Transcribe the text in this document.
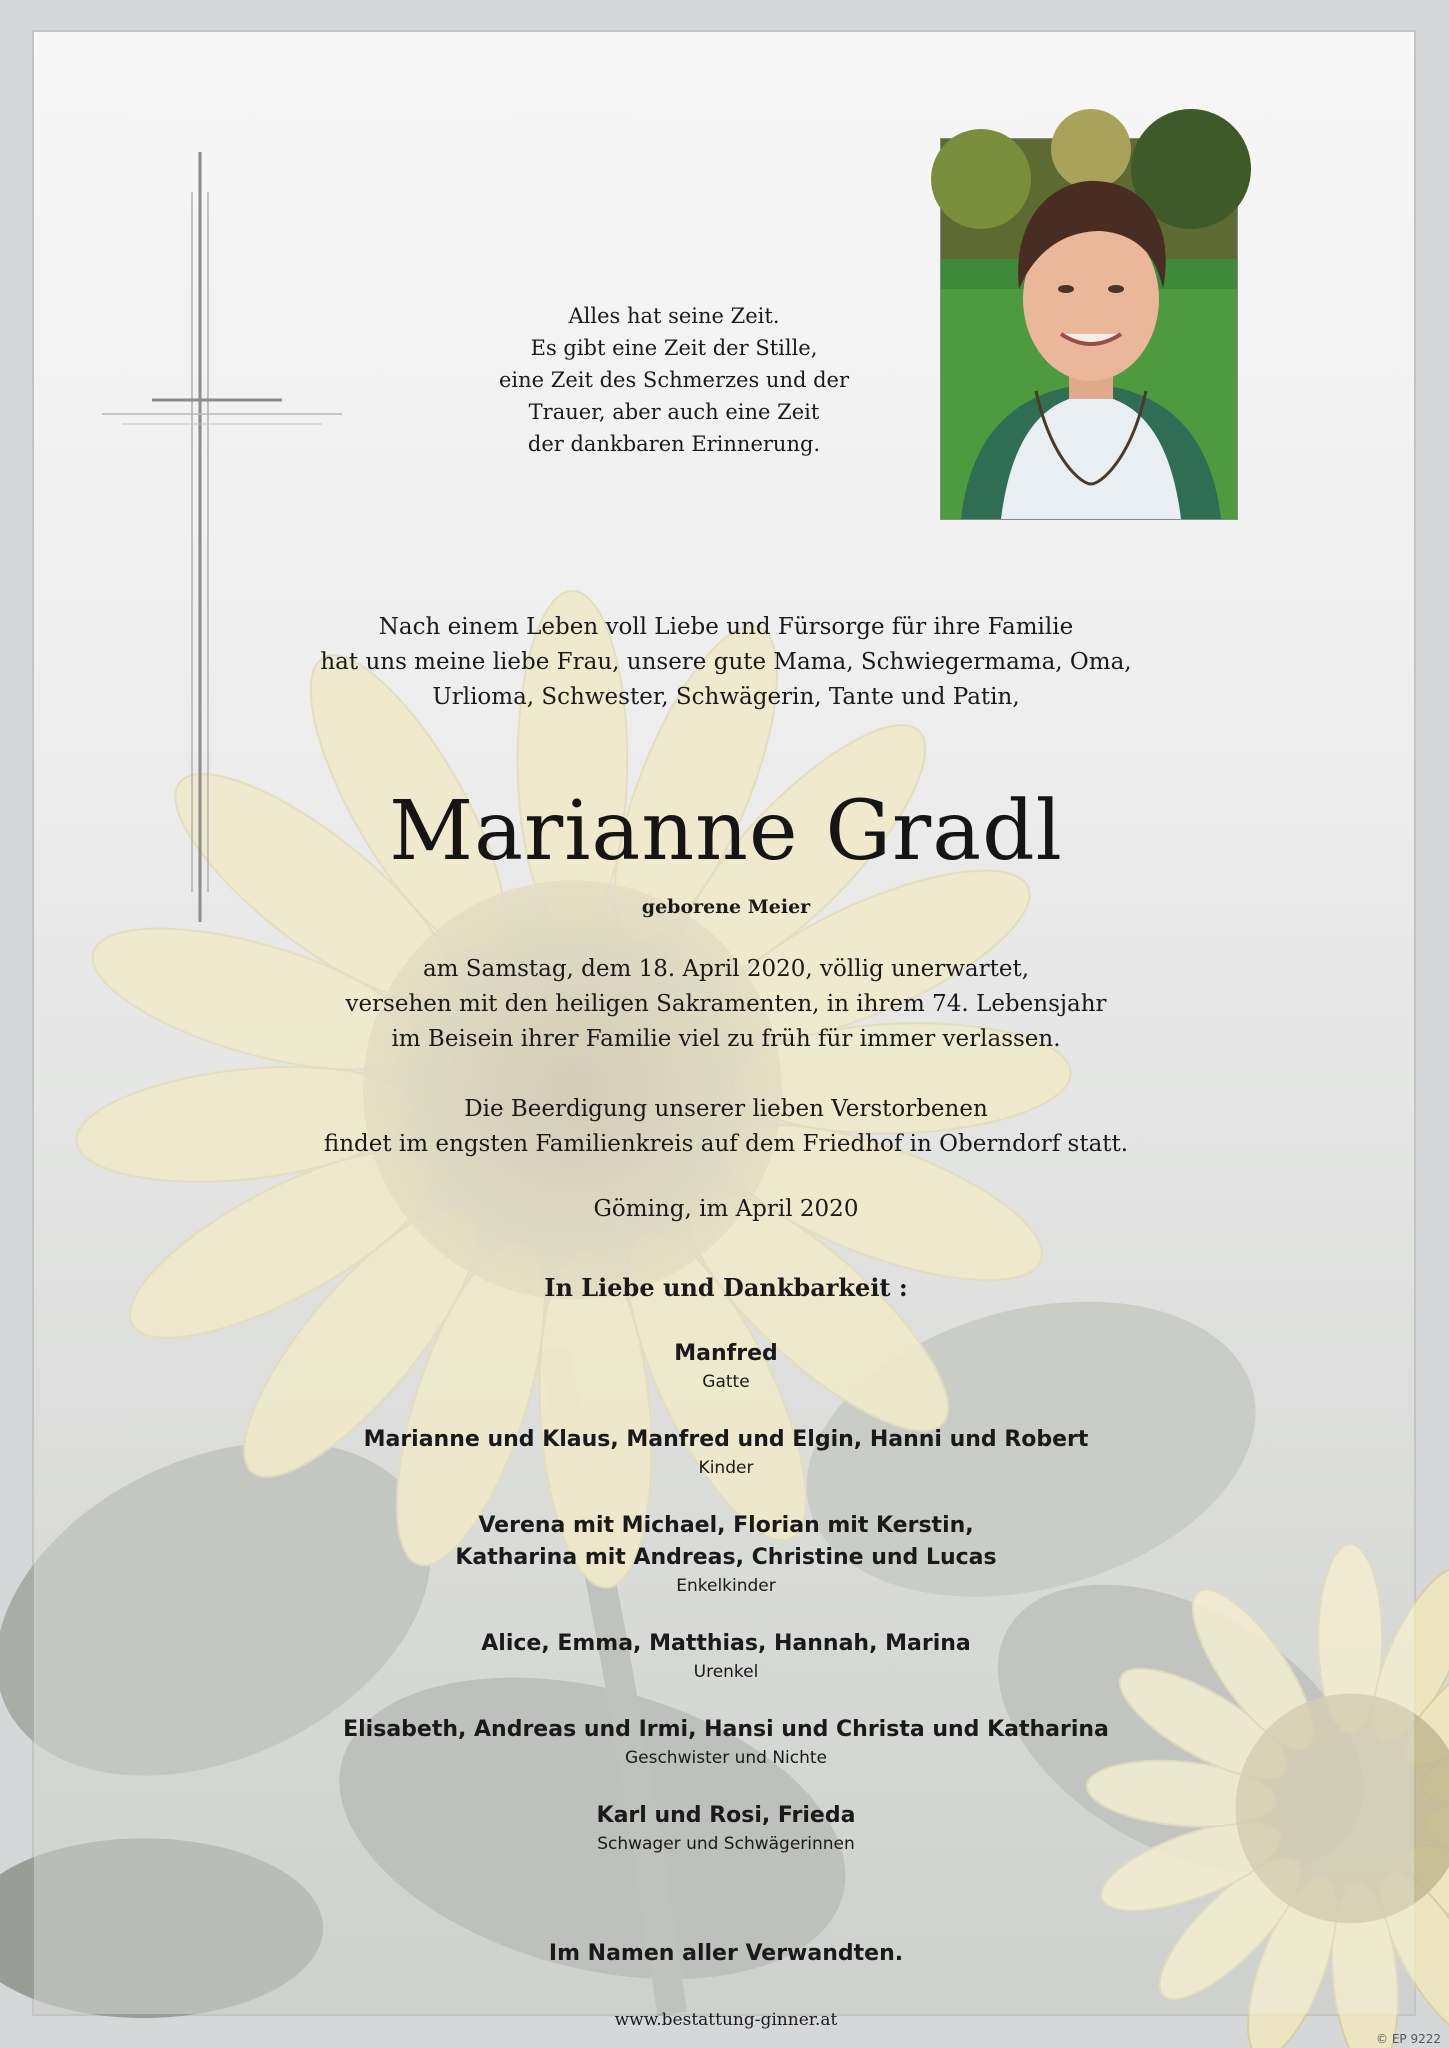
Alles hat seine Zeit.
Es gibt eine Zeit der Stille,
eine Zeit des Schmerzes und der
Trauer, aber auch eine Zeit
der dankbaren Erinnerung.
Nach einem Leben voll Liebe und Fürsorge für ihre Familie
hat uns meine liebe Frau, unsere gute Mama, Schwiegermama, Oma,
Urlioma, Schwester, Schwägerin, Tante und Patin,
Marianne Gradl
geborene Meier
am Samstag, dem 18. April 2020, völlig unerwartet,
versehen mit den heiligen Sakramenten, in ihrem 74. Lebensjahr
im Beisein ihrer Familie viel zu früh für immer verlassen.
Die Beerdigung unserer lieben Verstorbenen
findet im engsten Familienkreis auf dem Friedhof in Oberndorf statt.
Göming, im April 2020
In Liebe und Dankbarkeit :
Manfred
Gatte
Marianne und Klaus, Manfred und Elgin, Hanni und Robert
Kinder
Verena mit Michael, Florian mit Kerstin,
Katharina mit Andreas, Christine und Lucas
Enkelkinder
Alice, Emma, Matthias, Hannah, Marina
Urenkel
Elisabeth, Andreas und Irmi, Hansi und Christa und Katharina
Geschwister und Nichte
Karl und Rosi, Frieda
Schwager und Schwägerinnen
Im Namen aller Verwandten.
www.bestattung-ginner.at
© EP 9222
